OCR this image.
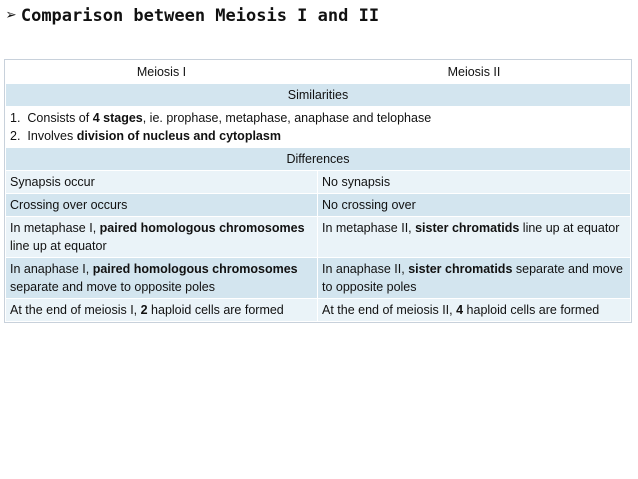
➢ Comparison between Meiosis I and II
Meiosis I	Meiosis II
Similarities	

1. Consists of 4 stages, ie. prophase, metaphase, anaphase and telophase
2. Involves division of nucleus and cytoplasm	

Differences	
Synapsis occur	No synapsis
Crossing over occurs	No crossing over
In metaphase I, paired homologous chromosomes line up at equator	In metaphase II, sister chromatids line up at equator
In anaphase I, paired homologous chromosomes separate and move to opposite poles	In anaphase II, sister chromatids separate and move to opposite poles
At the end of meiosis I, 2 haploid cells are formed	At the end of meiosis II, 4 haploid cells are formed
